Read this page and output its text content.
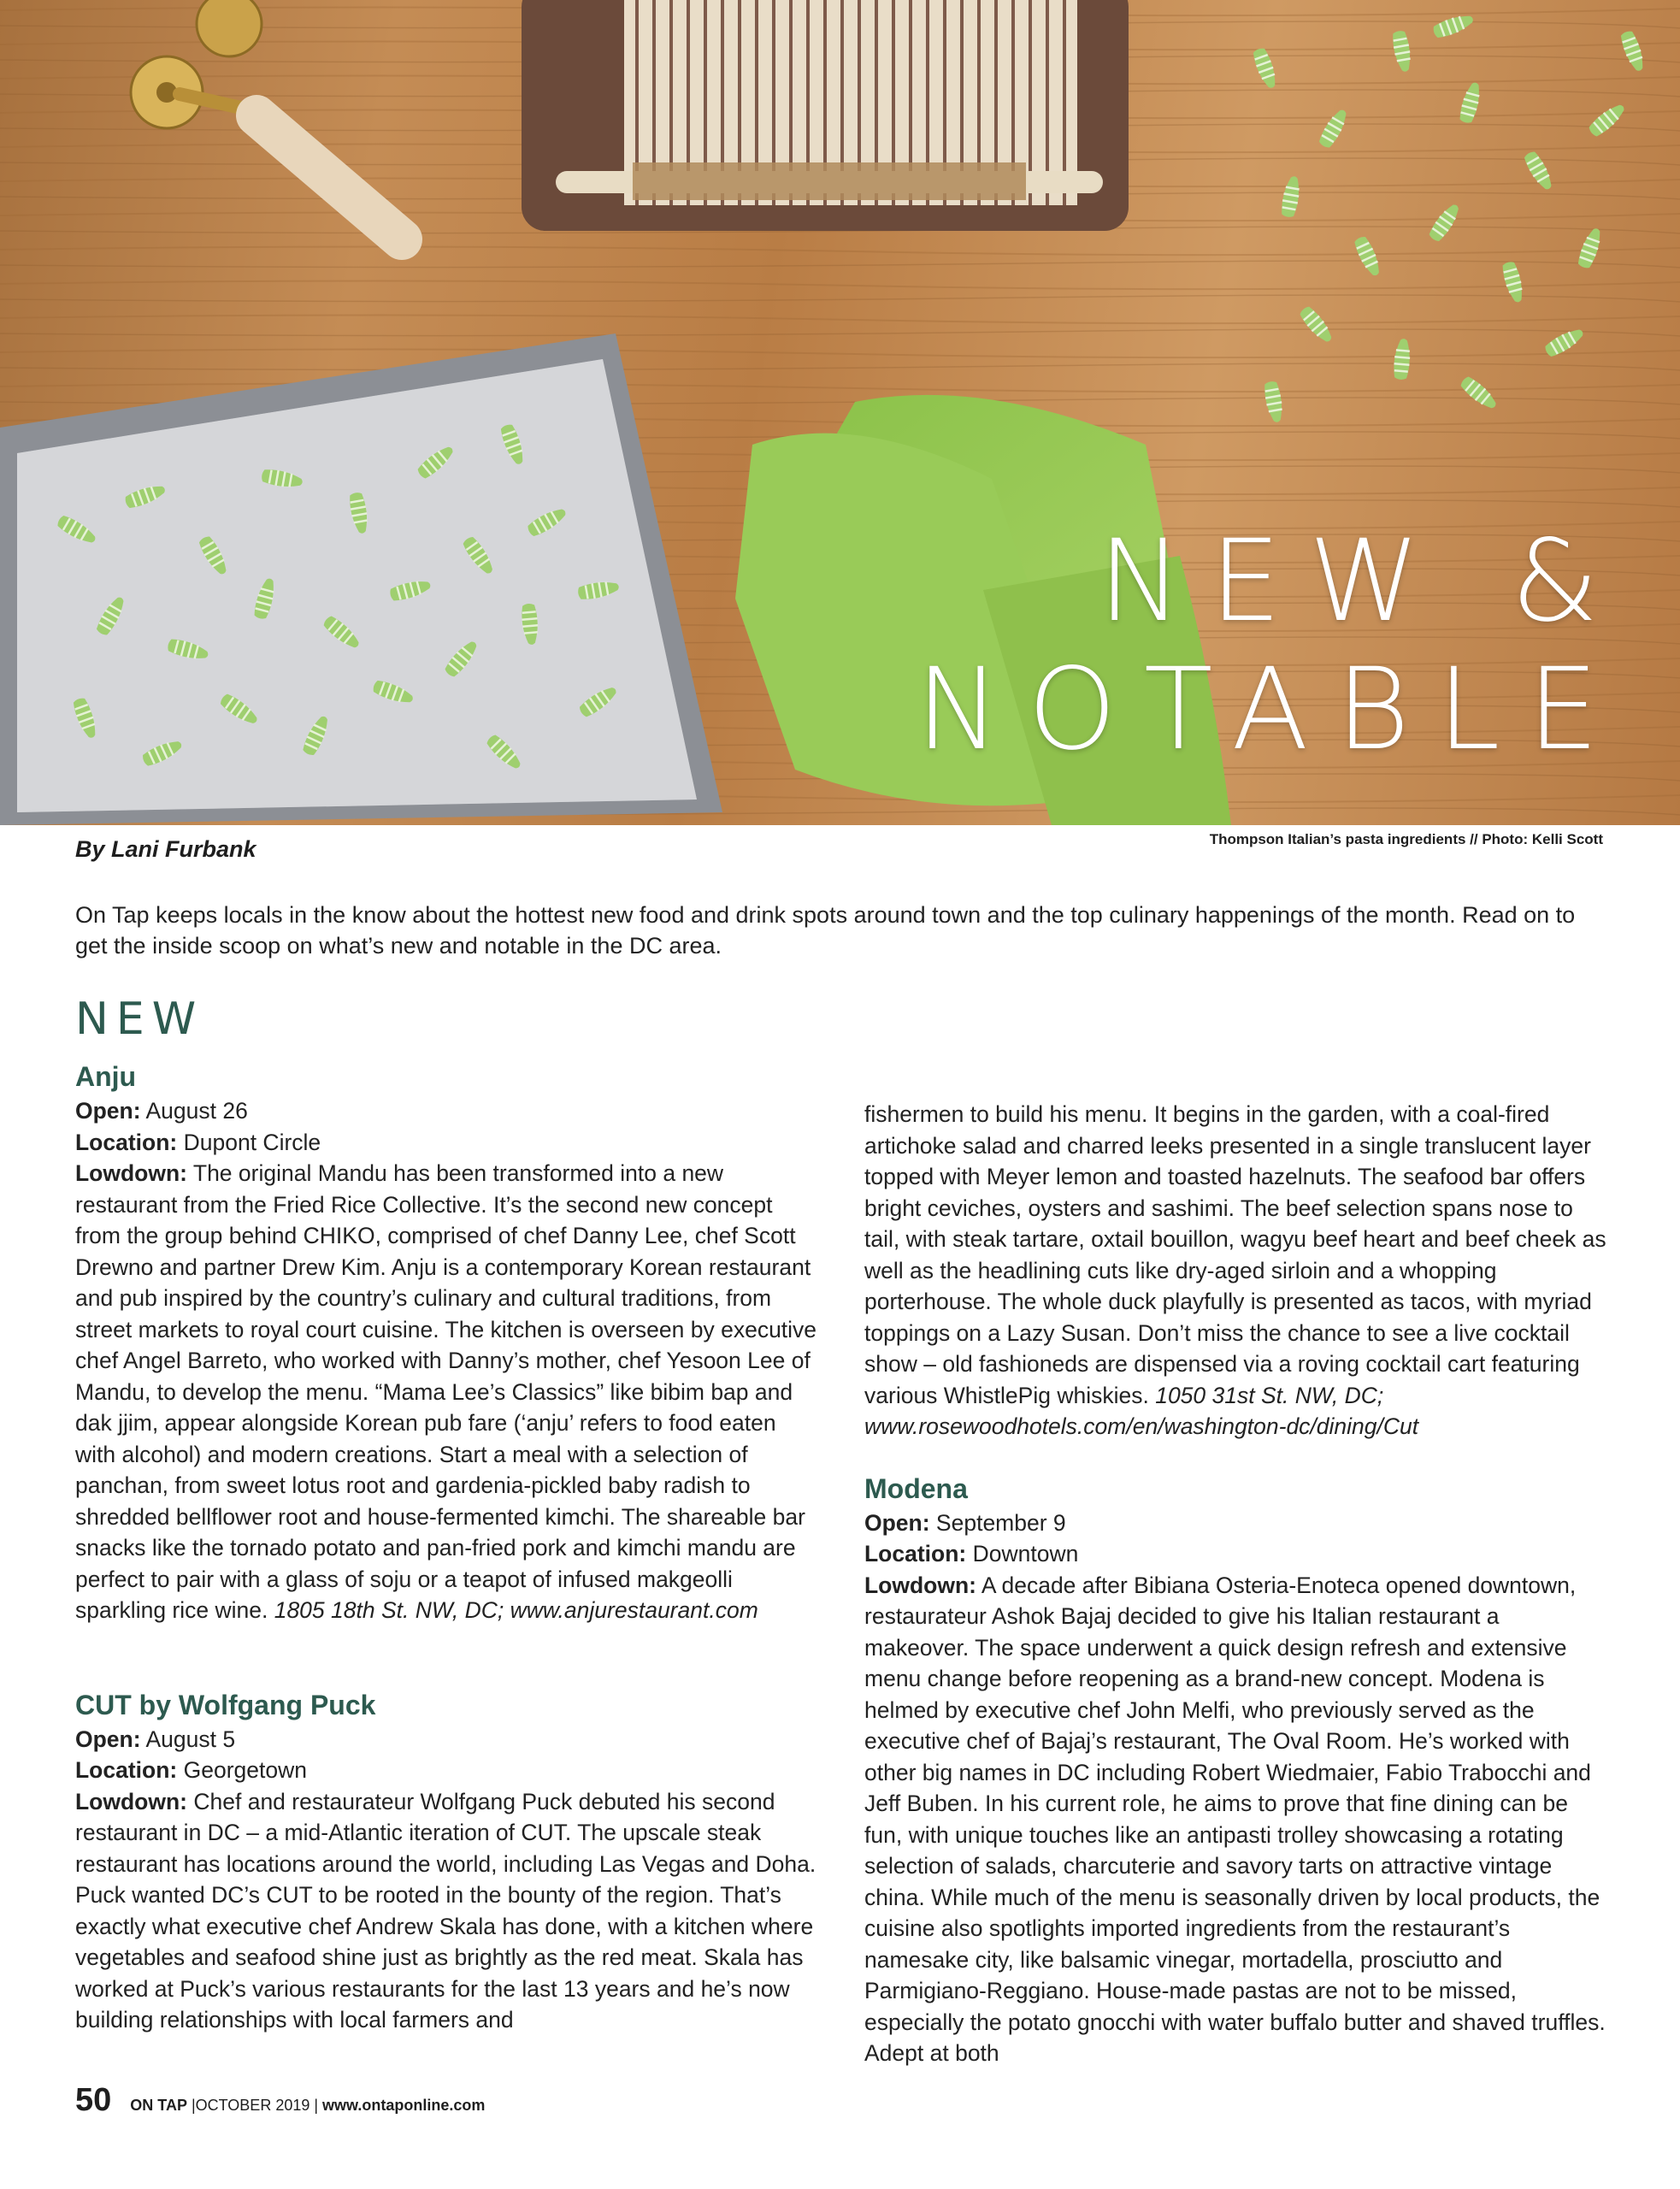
NEW &
NOTABLE
By Lani Furbank	Thompson Italian’s pasta ingredients // Photo: Kelli Scott
On Tap keeps locals in the know about the hottest new food and drink spots around town and the top culinary happenings of the month. Read on to get the inside scoop on what’s new and notable in the DC area.
NEW
Anju

Open: August 26

Location: Dupont Circle

Lowdown: The original Mandu has been transformed into a new restaurant from the Fried Rice Collective. It’s the second new concept from the group behind CHIKO, comprised of chef Danny Lee, chef Scott Drewno and partner Drew Kim. Anju is a contemporary Korean restaurant and pub inspired by the country’s culinary and cultural traditions, from street markets to royal court cuisine. The kitchen is overseen by executive chef Angel Barreto, who worked with Danny’s mother, chef Yesoon Lee of Mandu, to develop the menu. “Mama Lee’s Classics” like bibim bap and dak jjim, appear alongside Korean pub fare (‘anju’ refers to food eaten with alcohol) and modern creations. Start a meal with a selection of panchan, from sweet lotus root and gardenia-pickled baby radish to shredded bellflower root and house-fermented kimchi. The shareable bar snacks like the tornado potato and pan-fried pork and kimchi mandu are perfect to pair with a glass of soju or a teapot of infused makgeolli sparkling rice wine. 1805 18th St. NW, DC; www.anjurestaurant.com

CUT by Wolfgang Puck

Open: August 5

Location: Georgetown

Lowdown: Chef and restaurateur Wolfgang Puck debuted his second restaurant in DC – a mid-Atlantic iteration of CUT. The upscale steak restaurant has locations around the world, including Las Vegas and Doha. Puck wanted DC’s CUT to be rooted in the bounty of the region. That’s exactly what executive chef Andrew Skala has done, with a kitchen where vegetables and seafood shine just as brightly as the red meat. Skala has worked at Puck’s various restaurants for the last 13 years and he’s now building relationships with local farmers and

fishermen to build his menu. It begins in the garden, with a coal-fired artichoke salad and charred leeks presented in a single translucent layer topped with Meyer lemon and toasted hazelnuts. The seafood bar offers bright ceviches, oysters and sashimi. The beef selection spans nose to tail, with steak tartare, oxtail bouillon, wagyu beef heart and beef cheek as well as the headlining cuts like dry-aged sirloin and a whopping porterhouse. The whole duck playfully is presented as tacos, with myriad toppings on a Lazy Susan. Don’t miss the chance to see a live cocktail show – old fashioneds are dispensed via a roving cocktail cart featuring various WhistlePig whiskies. 1050 31st St. NW, DC; www.rosewoodhotels.com/en/washington-dc/dining/Cut

Modena

Open: September 9

Location: Downtown

Lowdown: A decade after Bibiana Osteria-Enoteca opened downtown, restaurateur Ashok Bajaj decided to give his Italian restaurant a makeover. The space underwent a quick design refresh and extensive menu change before reopening as a brand-new concept. Modena is helmed by executive chef John Melfi, who previously served as the executive chef of Bajaj’s restaurant, The Oval Room. He’s worked with other big names in DC including Robert Wiedmaier, Fabio Trabocchi and Jeff Buben. In his current role, he aims to prove that fine dining can be fun, with unique touches like an antipasti trolley showcasing a rotating selection of salads, charcuterie and savory tarts on attractive vintage china. While much of the menu is seasonally driven by local products, the cuisine also spotlights imported ingredients from the restaurant’s namesake city, like balsamic vinegar, mortadella, prosciutto and Parmigiano-Reggiano. House-made pastas are not to be missed, especially the potato gnocchi with water buffalo butter and shaved truffles. Adept at both

50 ON TAP |OCTOBER 2019 | www.ontaponline.com
